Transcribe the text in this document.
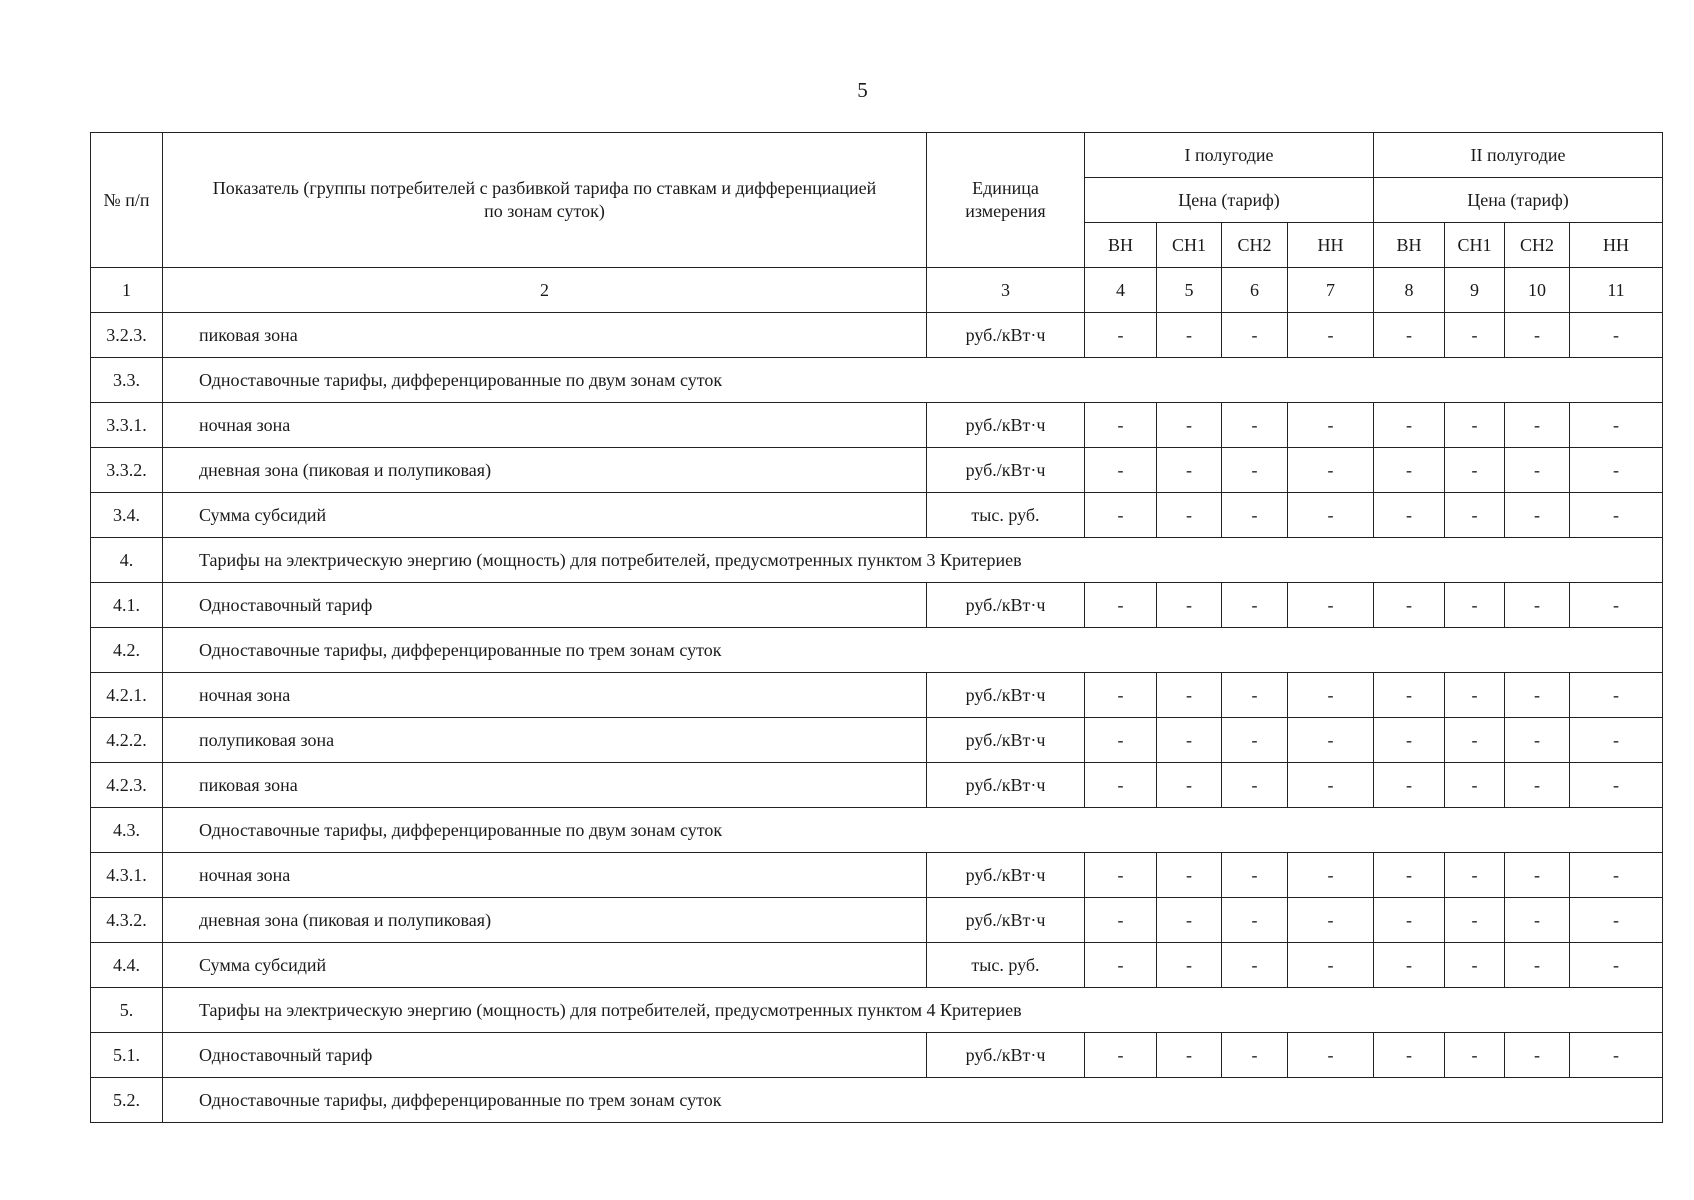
5
№ п/п	Показатель (группы потребителей с разбивкой тарифа по ставкам и дифференциацией по зонам суток)	Единица измерения	I полугодие				II полугодие			
			Цена (тариф)				Цена (тариф)			
			ВН	СН1	СН2	НН	ВН	СН1	СН2	НН
1	2	3	4	5	6	7	8	9	10	11
3.2.3.	пиковая зона	руб./кВт·ч	-	-	-	-	-	-	-	-
3.3.	Одноставочные тарифы, дифференцированные по двум зонам суток									
3.3.1.	ночная зона	руб./кВт·ч	-	-	-	-	-	-	-	-
3.3.2.	дневная зона (пиковая и полупиковая)	руб./кВт·ч	-	-	-	-	-	-	-	-
3.4.	Сумма субсидий	тыс. руб.	-	-	-	-	-	-	-	-
4.	Тарифы на электрическую энергию (мощность) для потребителей, предусмотренных пунктом 3 Критериев									
4.1.	Одноставочный тариф	руб./кВт·ч	-	-	-	-	-	-	-	-
4.2.	Одноставочные тарифы, дифференцированные по трем зонам суток									
4.2.1.	ночная зона	руб./кВт·ч	-	-	-	-	-	-	-	-
4.2.2.	полупиковая зона	руб./кВт·ч	-	-	-	-	-	-	-	-
4.2.3.	пиковая зона	руб./кВт·ч	-	-	-	-	-	-	-	-
4.3.	Одноставочные тарифы, дифференцированные по двум зонам суток									
4.3.1.	ночная зона	руб./кВт·ч	-	-	-	-	-	-	-	-
4.3.2.	дневная зона (пиковая и полупиковая)	руб./кВт·ч	-	-	-	-	-	-	-	-
4.4.	Сумма субсидий	тыс. руб.	-	-	-	-	-	-	-	-
5.	Тарифы на электрическую энергию (мощность) для потребителей, предусмотренных пунктом 4 Критериев									
5.1.	Одноставочный тариф	руб./кВт·ч	-	-	-	-	-	-	-	-
5.2.	Одноставочные тарифы, дифференцированные по трем зонам суток									
